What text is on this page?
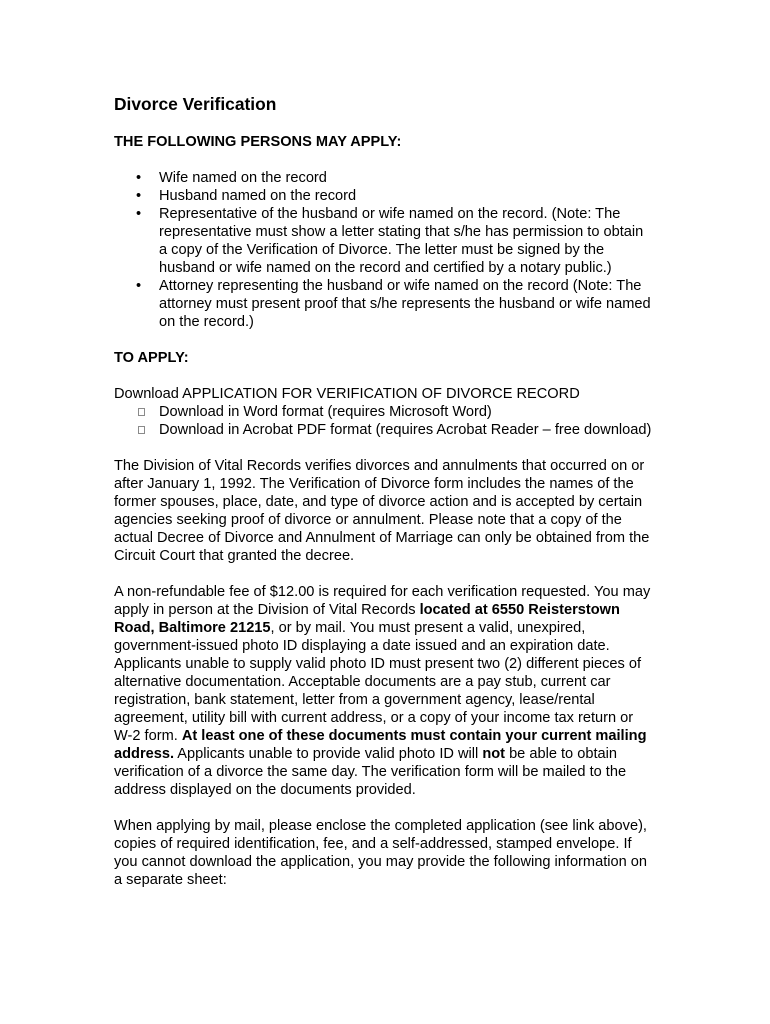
Divorce Verification
THE FOLLOWING PERSONS MAY APPLY:
• Wife named on the record
• Husband named on the record
• Representative of the husband or wife named on the record. (Note: The representative must show a letter stating that s/he has permission to obtain a copy of the Verification of Divorce. The letter must be signed by the husband or wife named on the record and certified by a notary public.)
• Attorney representing the husband or wife named on the record (Note: The attorney must present proof that s/he represents the husband or wife named on the record.)
TO APPLY:

Download APPLICATION FOR VERIFICATION OF DIVORCE RECORD

Download in Word format (requires Microsoft Word)
Download in Acrobat PDF format (requires Acrobat Reader – free download)

The Division of Vital Records verifies divorces and annulments that occurred on or after January 1, 1992. The Verification of Divorce form includes the names of the former spouses, place, date, and type of divorce action and is accepted by certain agencies seeking proof of divorce or annulment. Please note that a copy of the actual Decree of Divorce and Annulment of Marriage can only be obtained from the Circuit Court that granted the decree.

A non-refundable fee of $12.00 is required for each verification requested. You may apply in person at the Division of Vital Records located at 6550 Reisterstown Road, Baltimore 21215, or by mail. You must present a valid, unexpired, government-issued photo ID displaying a date issued and an expiration date. Applicants unable to supply valid photo ID must present two (2) different pieces of alternative documentation. Acceptable documents are a pay stub, current car registration, bank statement, letter from a government agency, lease/rental agreement, utility bill with current address, or a copy of your income tax return or W-2 form. At least one of these documents must contain your current mailing address. Applicants unable to provide valid photo ID will not be able to obtain verification of a divorce the same day. The verification form will be mailed to the address displayed on the documents provided.

When applying by mail, please enclose the completed application (see link above), copies of required identification, fee, and a self-addressed, stamped envelope. If you cannot download the application, you may provide the following information on a separate sheet:
